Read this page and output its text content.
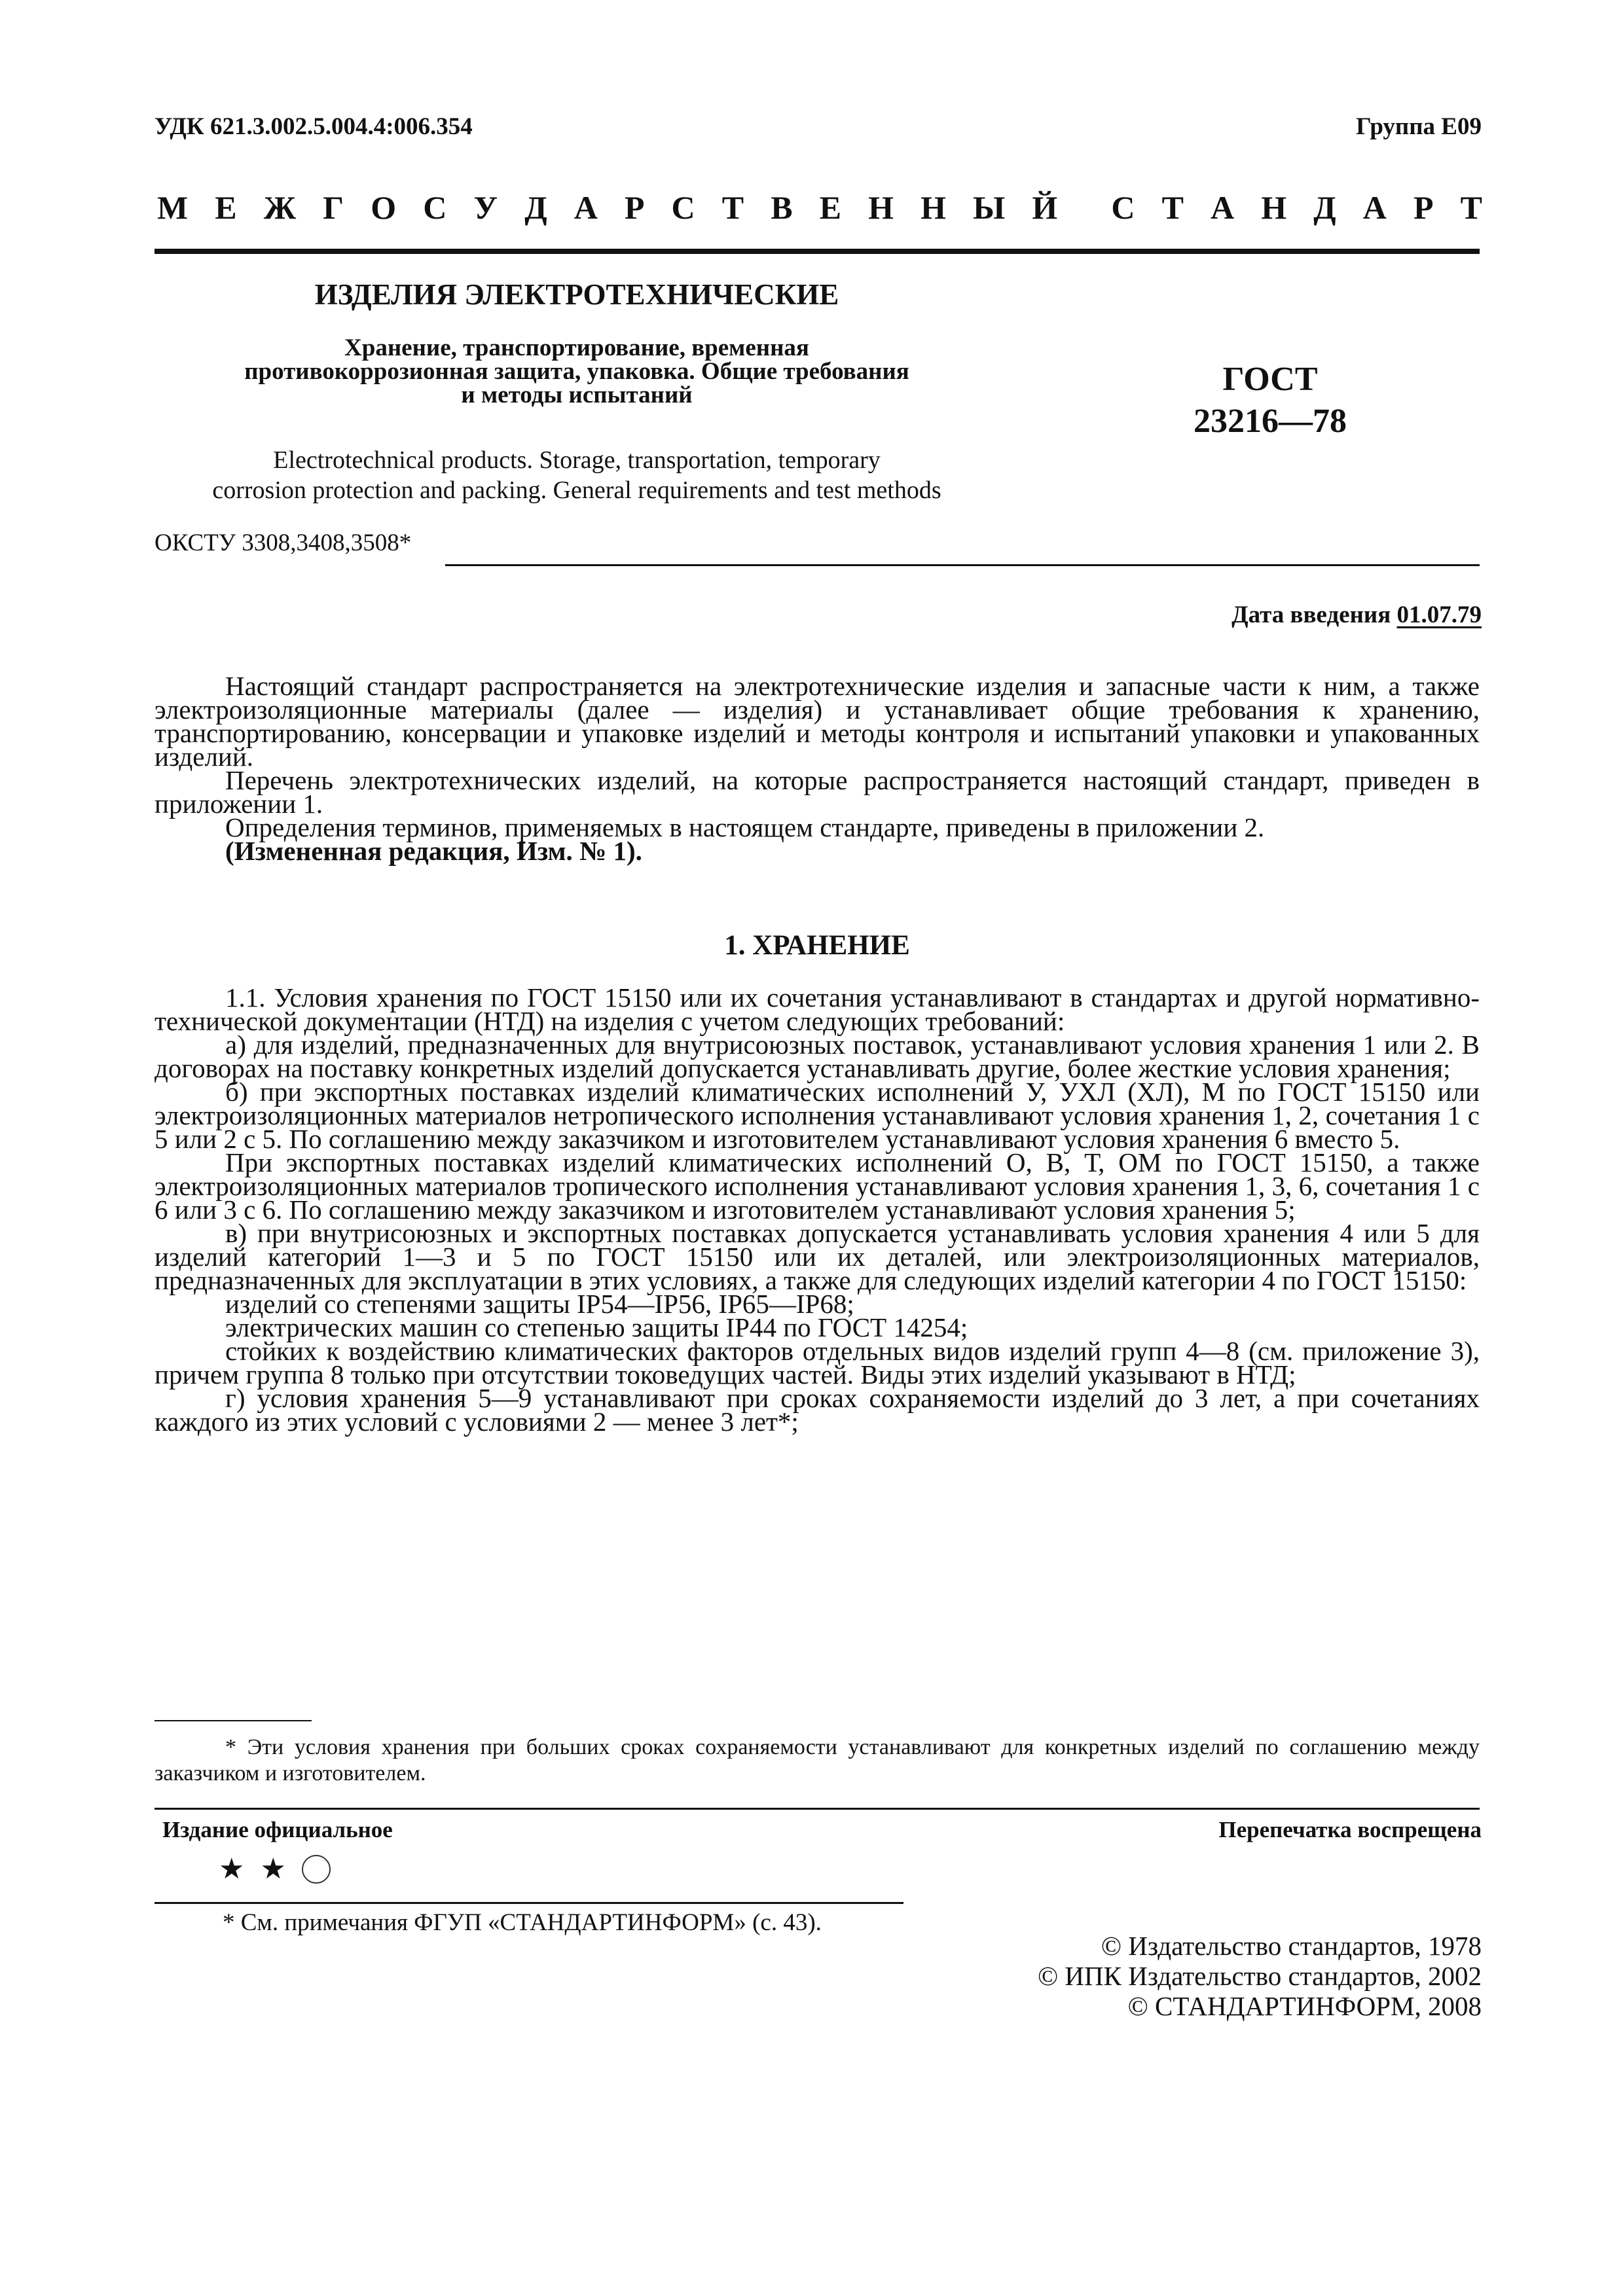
УДК 621.3.002.5.004.4:006.354	Группа Е09
М Е Ж Г О С У Д А Р С Т В Е Н Н Ы Й С Т А Н Д А Р Т
ИЗДЕЛИЯ ЭЛЕКТРОТЕХНИЧЕСКИЕ
Хранение, транспортирование, временная
противокоррозионная защита, упаковка. Общие требования
и методы испытаний
Electrotechnical products. Storage, transportation, temporary
corrosion protection and packing. General requirements and test methods
ГОСТ
23216—78
ОКСТУ 3308,3408,3508*
Дата введения 01.07.79

Настоящий стандарт распространяется на электротехнические изделия и запасные части к ним, а также электроизоляционные материалы (далее — изделия) и устанавливает общие требования к хранению, транспортированию, консервации и упаковке изделий и методы контроля и испытаний упаковки и упакованных изделий.

Перечень электротехнических изделий, на которые распространяется настоящий стандарт, приведен в приложении 1.

Определения терминов, применяемых в настоящем стандарте, приведены в приложении 2.

(Измененная редакция, Изм. № 1).

1. ХРАНЕНИЕ

1.1. Условия хранения по ГОСТ 15150 или их сочетания устанавливают в стандартах и другой нормативно-технической документации (НТД) на изделия с учетом следующих требований:

а) для изделий, предназначенных для внутрисоюзных поставок, устанавливают условия хранения 1 или 2. В договорах на поставку конкретных изделий допускается устанавливать другие, более жесткие условия хранения;

б) при экспортных поставках изделий климатических исполнений У, УХЛ (ХЛ), М по ГОСТ 15150 или электроизоляционных материалов нетропического исполнения устанавливают условия хранения 1, 2, сочетания 1 с 5 или 2 с 5. По соглашению между заказчиком и изготовителем устанавливают условия хранения 6 вместо 5.

При экспортных поставках изделий климатических исполнений О, В, Т, ОМ по ГОСТ 15150, а также электроизоляционных материалов тропического исполнения устанавливают условия хранения 1, 3, 6, сочетания 1 с 6 или 3 с 6. По соглашению между заказчиком и изготовителем устанавливают условия хранения 5;

в) при внутрисоюзных и экспортных поставках допускается устанавливать условия хранения 4 или 5 для изделий категорий 1—3 и 5 по ГОСТ 15150 или их деталей, или электроизоляционных материалов, предназначенных для эксплуатации в этих условиях, а также для следующих изделий категории 4 по ГОСТ 15150:

изделий со степенями защиты IP54—IP56, IP65—IP68;

электрических машин со степенью защиты IP44 по ГОСТ 14254;

стойких к воздействию климатических факторов отдельных видов изделий групп 4—8 (см. приложение 3), причем группа 8 только при отсутствии токоведущих частей. Виды этих изделий указывают в НТД;

г) условия хранения 5—9 устанавливают при сроках сохраняемости изделий до 3 лет, а при сочетаниях каждого из этих условий с условиями 2 — менее 3 лет*;

* Эти условия хранения при больших сроках сохраняемости устанавливают для конкретных изделий по соглашению между заказчиком и изготовителем.
Издание официальное	Перепечатка воспрещена
★ ★
* См. примечания ФГУП «СТАНДАРТИНФОРМ» (с. 43).
© Издательство стандартов, 1978
© ИПК Издательство стандартов, 2002
© СТАНДАРТИНФОРМ, 2008
